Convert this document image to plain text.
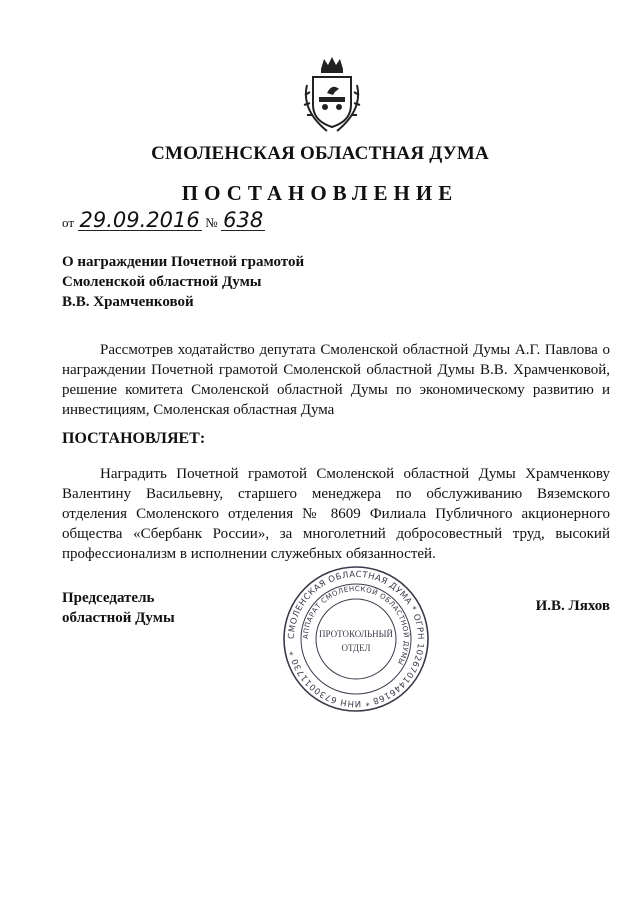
СМОЛЕНСКАЯ ОБЛАСТНАЯ ДУМА
ПОСТАНОВЛЕНИЕ
от 29.09.2016 № 638
О награждении Почетной грамотой
Смоленской областной Думы
В.В. Храмченковой
Рассмотрев ходатайство депутата Смоленской областной Думы А.Г. Павлова о награждении Почетной грамотой Смоленской областной Думы В.В. Храмченковой, решение комитета Смоленской областной Думы по экономическому развитию и инвестициям, Смоленская областная Дума
ПОСТАНОВЛЯЕТ:
Наградить Почетной грамотой Смоленской областной Думы Храмченкову Валентину Васильевну, старшего менеджера по обслуживанию Вяземского отделения Смоленского отделения № 8609 Филиала Публичного акционерного общества «Сбербанк России», за многолетний добросовестный труд, высокий профессионализм в исполнении служебных обязанностей.
Председатель
областной Думы
СМОЛЕНСКАЯ ОБЛАСТНАЯ ДУМА * ОГРН 1026701446168 * ИНН 6730011730 *
АППАРАТ СМОЛЕНСКОЙ ОБЛАСТНОЙ ДУМЫ
ПРОТОКОЛЬНЫЙ
ОТДЕЛ
И.В. Ляхов
